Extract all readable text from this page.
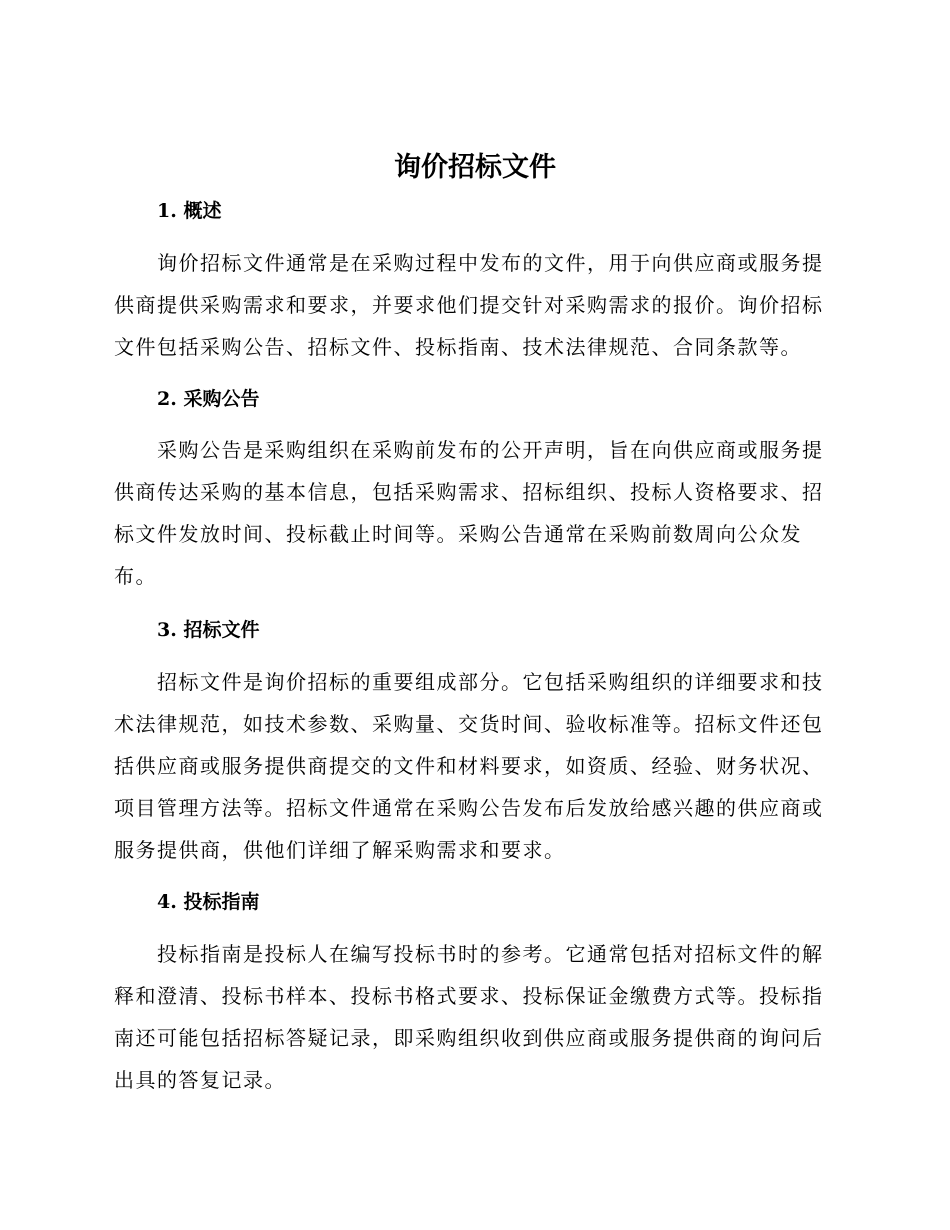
询价招标文件
1. 概述
询价招标文件通常是在采购过程中发布的文件，用于向供应商或服务提
供商提供采购需求和要求，并要求他们提交针对采购需求的报价。询价招标
文件包括采购公告、招标文件、投标指南、技术法律规范、合同条款等。
2. 采购公告
采购公告是采购组织在采购前发布的公开声明，旨在向供应商或服务提
供商传达采购的基本信息，包括采购需求、招标组织、投标人资格要求、招
标文件发放时间、投标截止时间等。采购公告通常在采购前数周向公众发
布。
3. 招标文件
招标文件是询价招标的重要组成部分。它包括采购组织的详细要求和技
术法律规范，如技术参数、采购量、交货时间、验收标准等。招标文件还包
括供应商或服务提供商提交的文件和材料要求，如资质、经验、财务状况、
项目管理方法等。招标文件通常在采购公告发布后发放给感兴趣的供应商或
服务提供商，供他们详细了解采购需求和要求。
4. 投标指南
投标指南是投标人在编写投标书时的参考。它通常包括对招标文件的解
释和澄清、投标书样本、投标书格式要求、投标保证金缴费方式等。投标指
南还可能包括招标答疑记录，即采购组织收到供应商或服务提供商的询问后
出具的答复记录。
